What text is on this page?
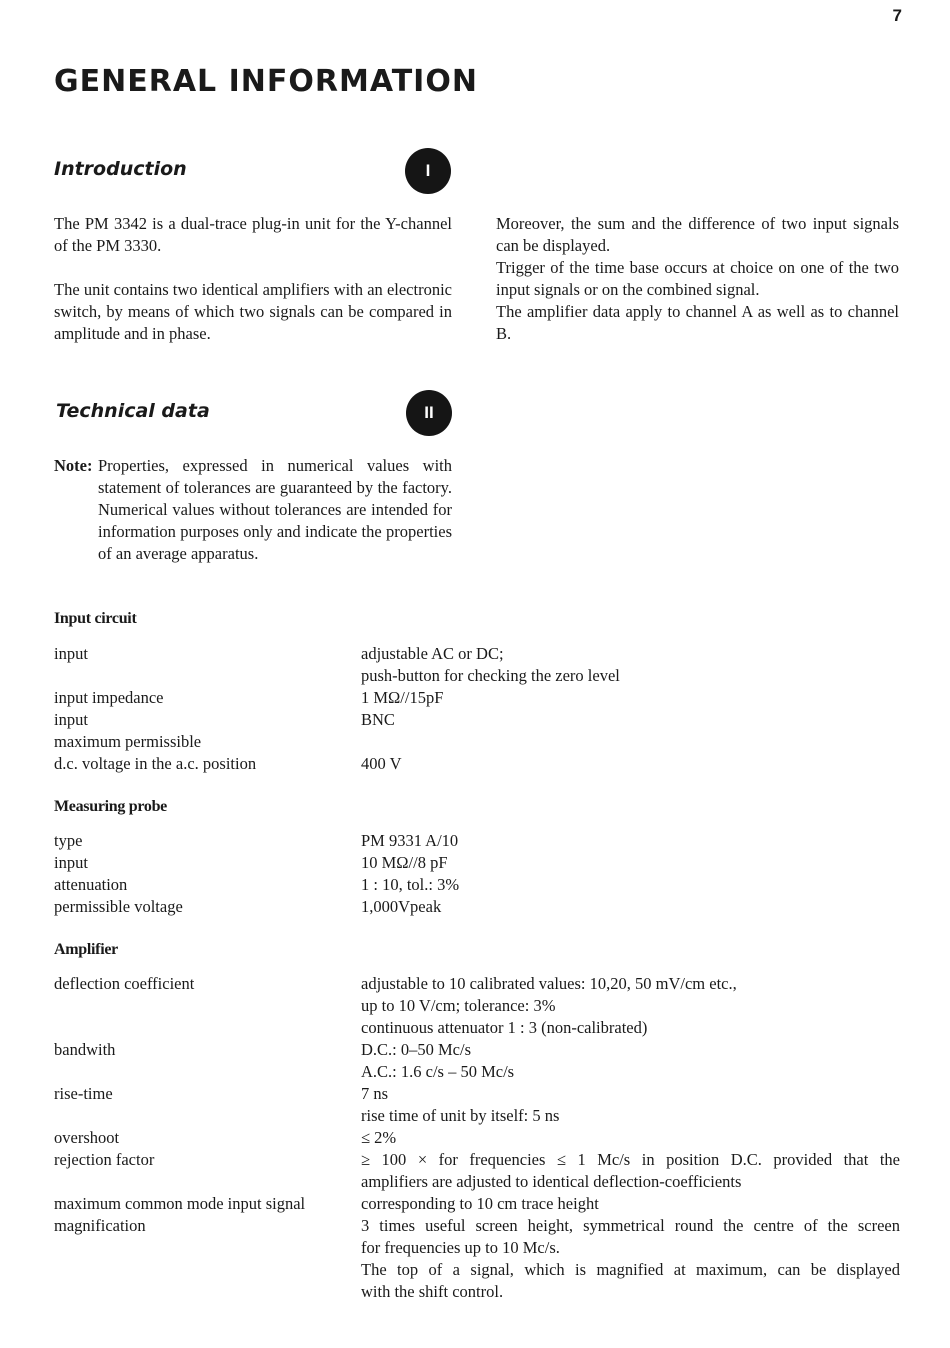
7
GENERAL INFORMATION
Introduction	I

The PM 3342 is a dual-trace plug-in unit for the Y-channel of the PM 3330.

The unit contains two identical amplifiers with an electronic switch, by means of which two signals can be compared in amplitude and in phase.

Moreover, the sum and the difference of two input signals can be displayed.

Trigger of the time base occurs at choice on one of the two input signals or on the combined signal.

The amplifier data apply to channel A as well as to channel B.

Technical data	II
Note: Properties, expressed in numerical values with statement of tolerances are guaranteed by the factory. Numerical values without tolerances are intended for information purposes only and indicate the properties of an average apparatus.
Input circuit
input	adjustable AC or DC;
push-button for checking the zero level
input impedance	1 MΩ//15pF
input	BNC
maximum permissible
d.c. voltage in the a.c. position	400 V
Measuring probe
type	PM 9331 A/10
input	10 MΩ//8 pF
attenuation	1 : 10, tol.: 3%
permissible voltage	1,000Vpeak
Amplifier
deflection coefficient	adjustable to 10 calibrated values: 10,20, 50 mV/cm etc.,
up to 10 V/cm; tolerance: 3%
continuous attenuator 1 : 3 (non-calibrated)
bandwith	D.C.: 0–50 Mc/s
A.C.: 1.6 c/s – 50 Mc/s
rise-time	7 ns
rise time of unit by itself: 5 ns
overshoot	≤ 2%
rejection factor	≥ 100 × for frequencies ≤ 1 Mc/s in position D.C. provided that the
amplifiers are adjusted to identical deflection-coefficients
maximum common mode input signal	corresponding to 10 cm trace height
magnification	3 times useful screen height, symmetrical round the centre of the screen
for frequencies up to 10 Mc/s.
The top of a signal, which is magnified at maximum, can be displayed
with the shift control.
